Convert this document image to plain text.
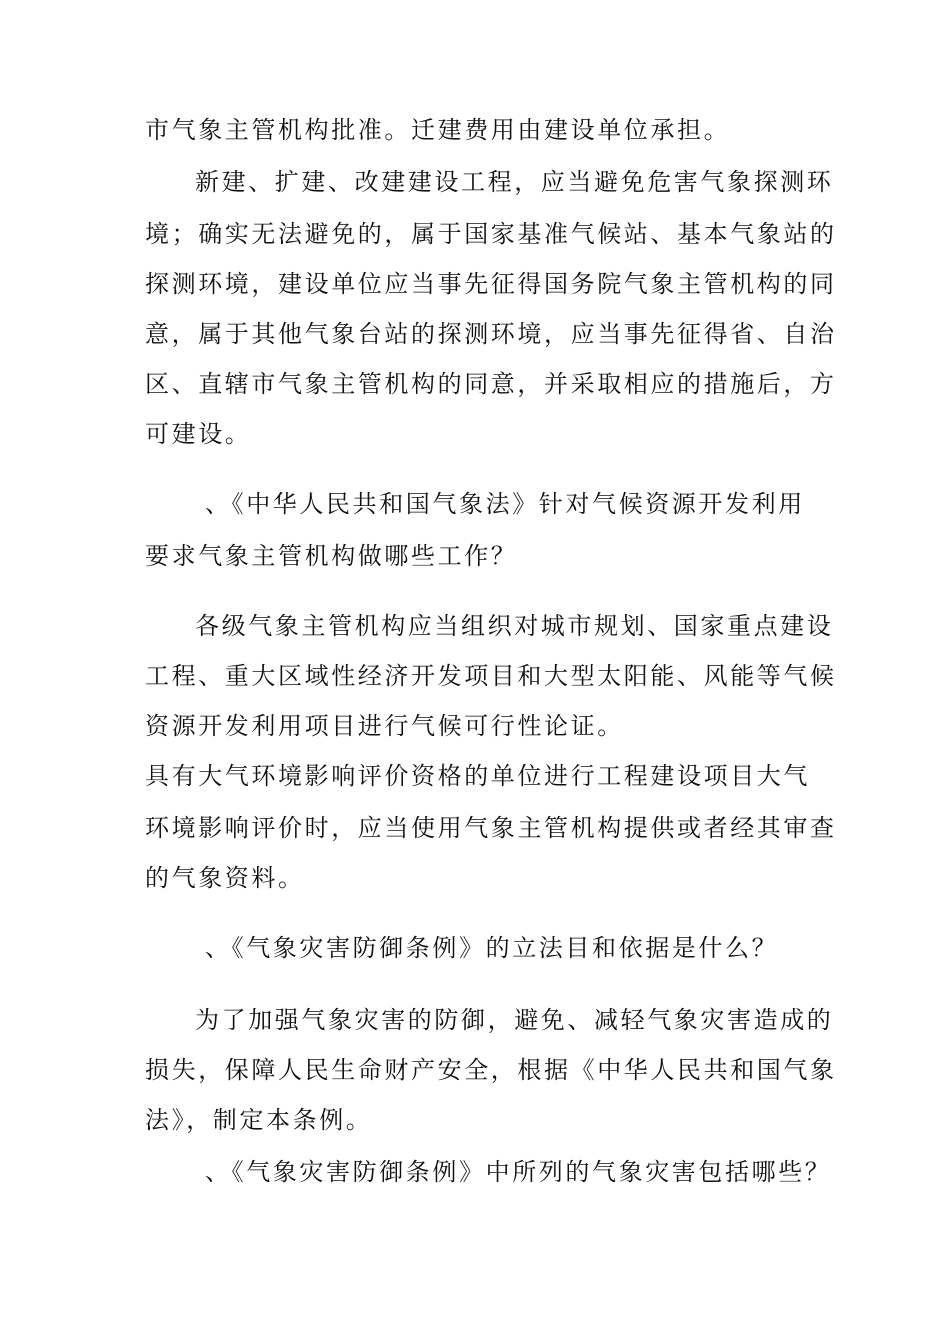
市气象主管机构批准。迁建费用由建设单位承担。
新建、扩建、改建建设工程，应当避免危害气象探测环
境；确实无法避免的，属于国家基准气候站、基本气象站的
探测环境，建设单位应当事先征得国务院气象主管机构的同
意，属于其他气象台站的探测环境，应当事先征得省、自治
区、直辖市气象主管机构的同意，并采取相应的措施后，方
可建设。
、《中华人民共和国气象法》针对气候资源开发利用
要求气象主管机构做哪些工作？
各级气象主管机构应当组织对城市规划、国家重点建设
工程、重大区域性经济开发项目和大型太阳能、风能等气候
资源开发利用项目进行气候可行性论证。
具有大气环境影响评价资格的单位进行工程建设项目大气
环境影响评价时，应当使用气象主管机构提供或者经其审查
的气象资料。
、《气象灾害防御条例》的立法目和依据是什么？
为了加强气象灾害的防御，避免、减轻气象灾害造成的
损失，保障人民生命财产安全，根据《中华人民共和国气象
法》，制定本条例。
、《气象灾害防御条例》中所列的气象灾害包括哪些？
